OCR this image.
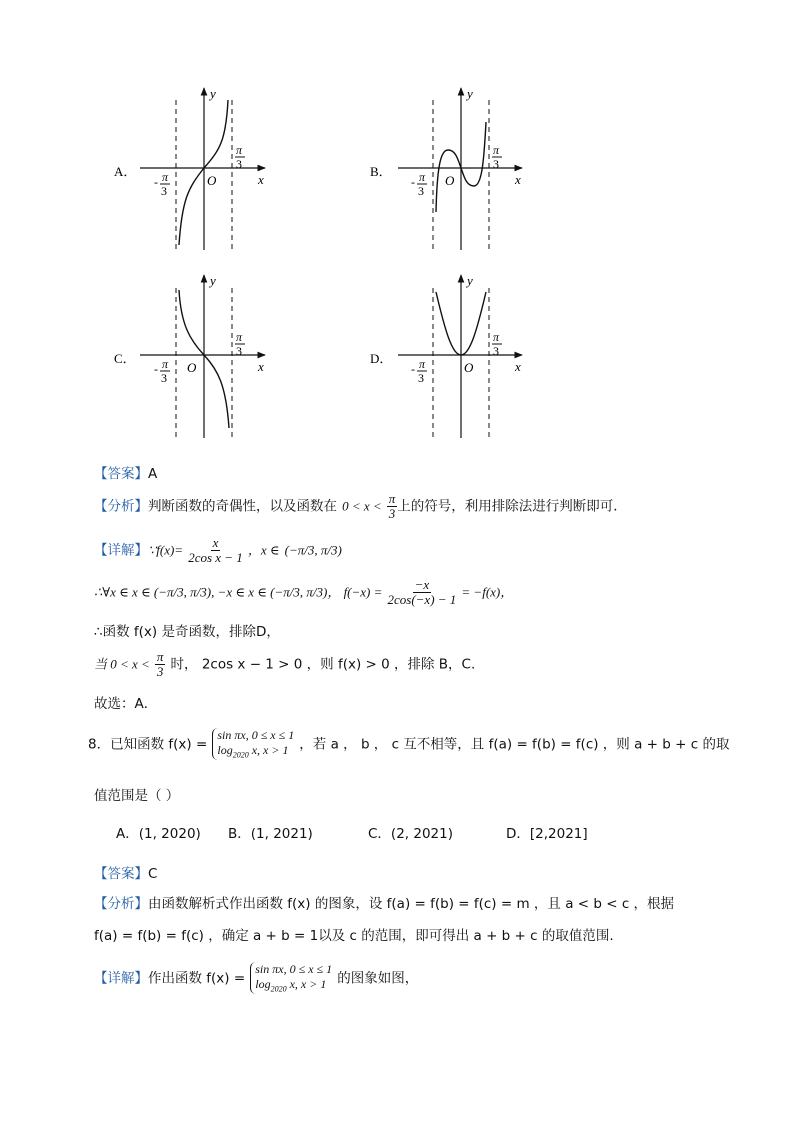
A．
y
x
O
π
3
- π
3
B．
y
x
O
π
3
- π
3
C．
y
x
O
π
3
- π
3
D．
y
x
O
π
3
- π
3
【答案】A
【分析】判断函数的奇偶性，以及函数在 $0 < x < \frac{\pi}{3}$ 上的符号，利用排除法进行判断即可．
【详解】∵f(x)= $\frac{x}{\text{2cos x − 1}}$ ，x ∈ (−π/3, π/3)
∴∀x ∈ x ∈ (−π/3, π/3), −x ∈ x ∈ (−π/3, π/3)， $f(-x) = \frac{-x}{2\cos(-x) - 1} = -f(x)$，
∴函数 f(x) 是奇函数，排除D，
当 $0 < x < \frac{\pi}{3}$ 时， 2cos x − 1 > 0 ，则 f(x) > 0 ，排除 B，C.
故选：A．
8．已知函数 f(x) =
sin πx, 0 ≤ x ≤ 1
$\log_{2020} x$, x > 1 ，若 a ， b ， c 互不相等，且 f(a) = f(b) = f(c) ，则 a + b + c 的取
值范围是（ ）
A．(1, 2020)	B．(1, 2021)	C．(2, 2021)	D．[2,2021]
【答案】C
【分析】由函数解析式作出函数 f(x) 的图象，设 f(a) = f(b) = f(c) = m ，且 a < b < c ，根据
f(a) = f(b) = f(c) ，确定 a + b = 1以及 c 的范围，即可得出 a + b + c 的取值范围.
【详解】作出函数 f(x) =
sin πx, 0 ≤ x ≤ 1
$\log_{2020} x$, x > 1 的图象如图，
